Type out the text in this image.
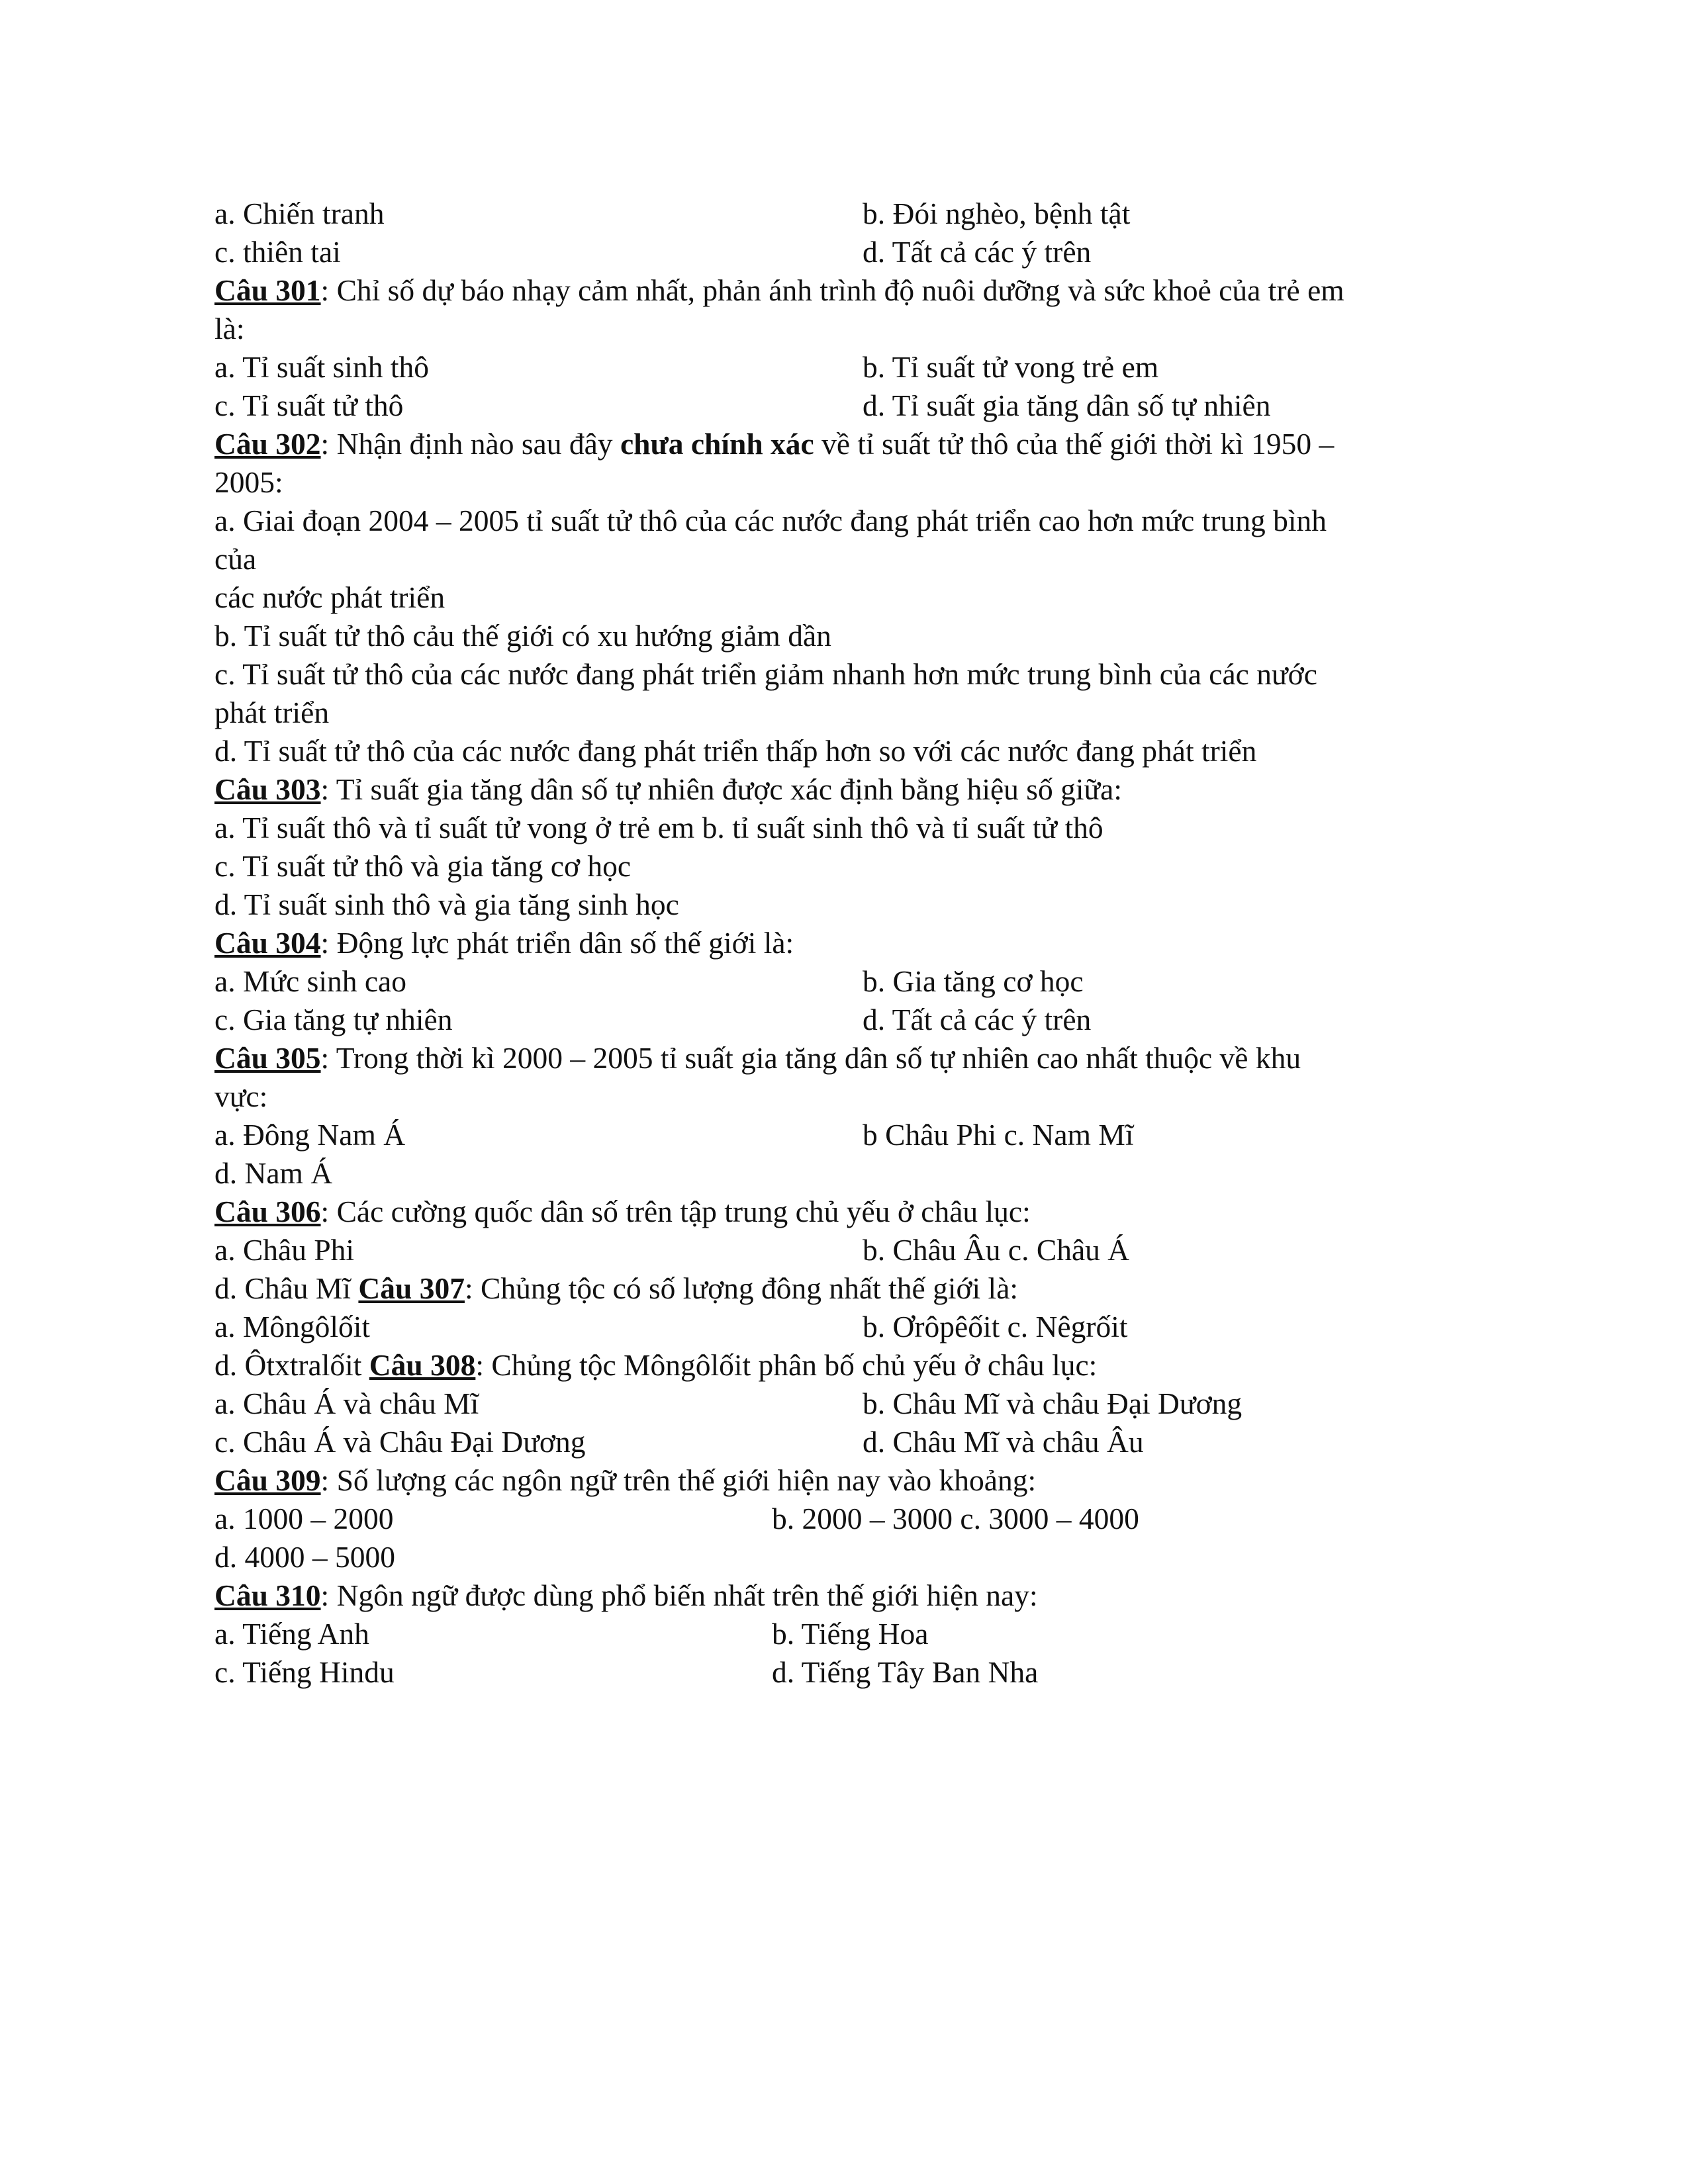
a. Chiến tranh	b. Đói nghèo, bệnh tật
c. thiên tai	d. Tất cả các ý trên
Câu 301: Chỉ số dự báo nhạy cảm nhất, phản ánh trình độ nuôi dưỡng và sức khoẻ của trẻ em
là:
a. Tỉ suất sinh thô	b. Tỉ suất tử vong trẻ em
c. Tỉ suất tử thô	d. Tỉ suất gia tăng dân số tự nhiên
Câu 302: Nhận định nào sau đây chưa chính xác về tỉ suất tử thô của thế giới thời kì 1950 –
2005:
a. Giai đoạn 2004 – 2005 tỉ suất tử thô của các nước đang phát triển cao hơn mức trung bình
của
các nước phát triển
b. Tỉ suất tử thô cảu thế giới có xu hướng giảm dần
c. Tỉ suất tử thô của các nước đang phát triển giảm nhanh hơn mức trung bình của các nước
phát triển
d. Tỉ suất tử thô của các nước đang phát triển thấp hơn so với các nước đang phát triển
Câu 303: Tỉ suất gia tăng dân số tự nhiên được xác định bằng hiệu số giữa:
a. Tỉ suất thô và tỉ suất tử vong ở trẻ em b. tỉ suất sinh thô và tỉ suất tử thô
c. Tỉ suất tử thô và gia tăng cơ học
d. Tỉ suất sinh thô và gia tăng sinh học
Câu 304: Động lực phát triển dân số thế giới là:
a. Mức sinh cao	b. Gia tăng cơ học
c. Gia tăng tự nhiên	d. Tất cả các ý trên
Câu 305: Trong thời kì 2000 – 2005 tỉ suất gia tăng dân số tự nhiên cao nhất thuộc về khu
vực:
a. Đông Nam Á	b Châu Phi c. Nam Mĩ
d. Nam Á
Câu 306: Các cường quốc dân số trên tập trung chủ yếu ở châu lục:
a. Châu Phi	b. Châu Âu c. Châu Á
d. Châu Mĩ Câu 307: Chủng tộc có số lượng đông nhất thế giới là:
a. Môngôlốit	b. Ơrôpêốit c. Nêgrốit
d. Ôtxtralốit Câu 308: Chủng tộc Môngôlốit phân bố chủ yếu ở châu lục:
a. Châu Á và châu Mĩ	b. Châu Mĩ và châu Đại Dương
c. Châu Á và Châu Đại Dương	d. Châu Mĩ và châu Âu
Câu 309: Số lượng các ngôn ngữ trên thế giới hiện nay vào khoảng:
a. 1000 – 2000	b. 2000 – 3000 c. 3000 – 4000
d. 4000 – 5000
Câu 310: Ngôn ngữ được dùng phổ biến nhất trên thế giới hiện nay:
a. Tiếng Anh	b. Tiếng Hoa
c. Tiếng Hindu	d. Tiếng Tây Ban Nha
